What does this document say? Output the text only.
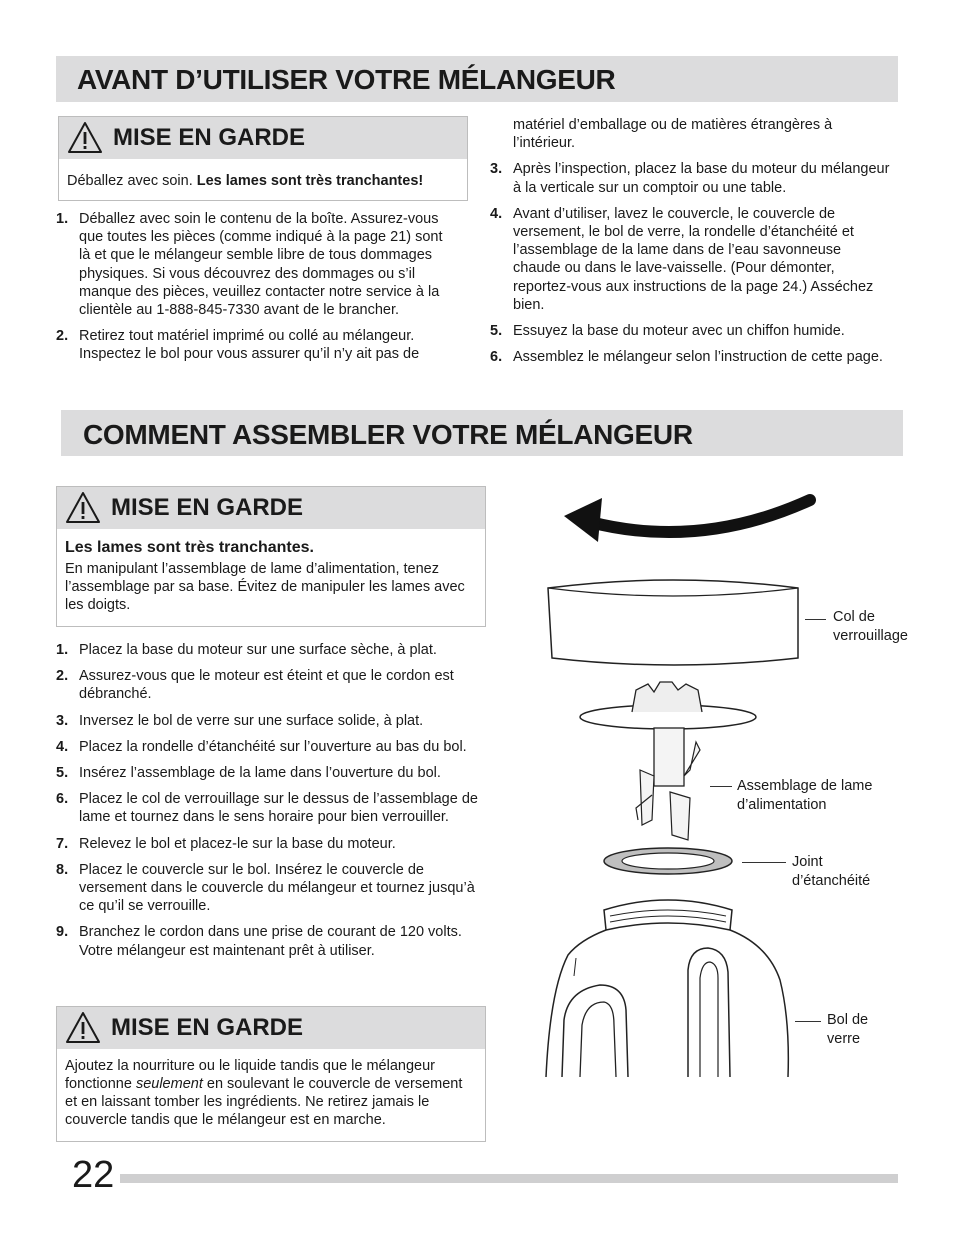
AVANT D’UTILISER VOTRE MÉLANGEUR
MISE EN GARDE
Déballez avec soin. Les lames sont très tranchantes!
1. Déballez avec soin le contenu de la boîte. Assurez-vous que toutes les pièces (comme indiqué à la page 21) sont là et que le mélangeur semble libre de tous dommages physiques. Si vous découvrez des dommages ou s’il manque des pièces, veuillez contacter notre service à la clientèle au 1-888-845-7330 avant de le brancher.
2. Retirez tout matériel imprimé ou collé au mélangeur. Inspectez le bol pour vous assurer qu’il n’y ait pas de
matériel d’emballage ou de matières étrangères à l’intérieur.
3. Après l’inspection, placez la base du moteur du mélangeur à la verticale sur un comptoir ou une table.
4. Avant d’utiliser, lavez le couvercle, le couvercle de versement, le bol de verre, la rondelle d’étanchéité et l’assemblage de la lame dans de l’eau savonneuse chaude ou dans le lave-vaisselle. (Pour démonter, reportez-vous aux instructions de la page 24.) Asséchez bien.
5. Essuyez la base du moteur avec un chiffon humide.
6. Assemblez le mélangeur selon l’instruction de cette page.
COMMENT ASSEMBLER VOTRE MÉLANGEUR
MISE EN GARDE
Les lames sont très tranchantes.
En manipulant l’assemblage de lame d’alimentation, tenez l’assemblage par sa base. Évitez de manipuler les lames avec les doigts.
1. Placez la base du moteur sur une surface sèche, à plat.
2. Assurez-vous que le moteur est éteint et que le cordon est débranché.
3. Inversez le bol de verre sur une surface solide, à plat.
4. Placez la rondelle d’étanchéité sur l’ouverture au bas du bol.
5. Insérez l’assemblage de la lame dans l’ouverture du bol.
6. Placez le col de verrouillage sur le dessus de l’assemblage de lame et tournez dans le sens horaire pour bien verrouiller.
7. Relevez le bol et placez-le sur la base du moteur.
8. Placez le couvercle sur le bol. Insérez le couvercle de versement dans le couvercle du mélangeur et tournez jusqu’à ce qu’il se verrouille.
9. Branchez le cordon dans une prise de courant de 120 volts. Votre mélangeur est maintenant prêt à utiliser.
MISE EN GARDE
Ajoutez la nourriture ou le liquide tandis que le mélangeur fonctionne seulement en soulevant le couvercle de versement et en laissant tomber les ingrédients. Ne retirez jamais le couvercle tandis que le mélangeur est en marche.
Col de
verrouillage
Assemblage de lame
d’alimentation
Joint
d’étanchéité
Bol de
verre
22
